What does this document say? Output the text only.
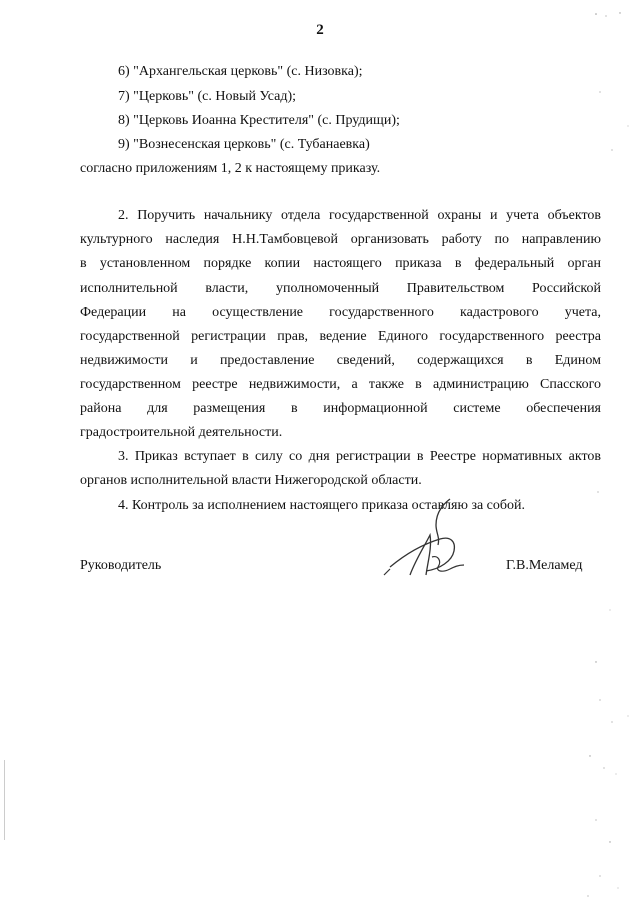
2
6) "Архангельская церковь" (с. Низовка);
7) "Церковь" (с. Новый Усад);
8) "Церковь Иоанна Крестителя" (с. Прудищи);
9) "Вознесенская церковь" (с. Тубанаевка)
согласно приложениям 1, 2 к настоящему приказу.
2. Поручить начальнику отдела государственной охраны и учета объектов
культурного наследия Н.Н.Тамбовцевой организовать работу по направлению
в установленном порядке копии настоящего приказа в федеральный орган
исполнительной власти, уполномоченный Правительством Российской
Федерации на осуществление государственного кадастрового учета,
государственной регистрации прав, ведение Единого государственного реестра
недвижимости и предоставление сведений, содержащихся в Едином
государственном реестре недвижимости, а также в администрацию Спасского
района для размещения в информационной системе обеспечения
градостроительной деятельности.
3. Приказ вступает в силу со дня регистрации в Реестре нормативных актов
органов исполнительной власти Нижегородской области.
4. Контроль за исполнением настоящего приказа оставляю за собой.
Руководитель	Г.В.Меламед
